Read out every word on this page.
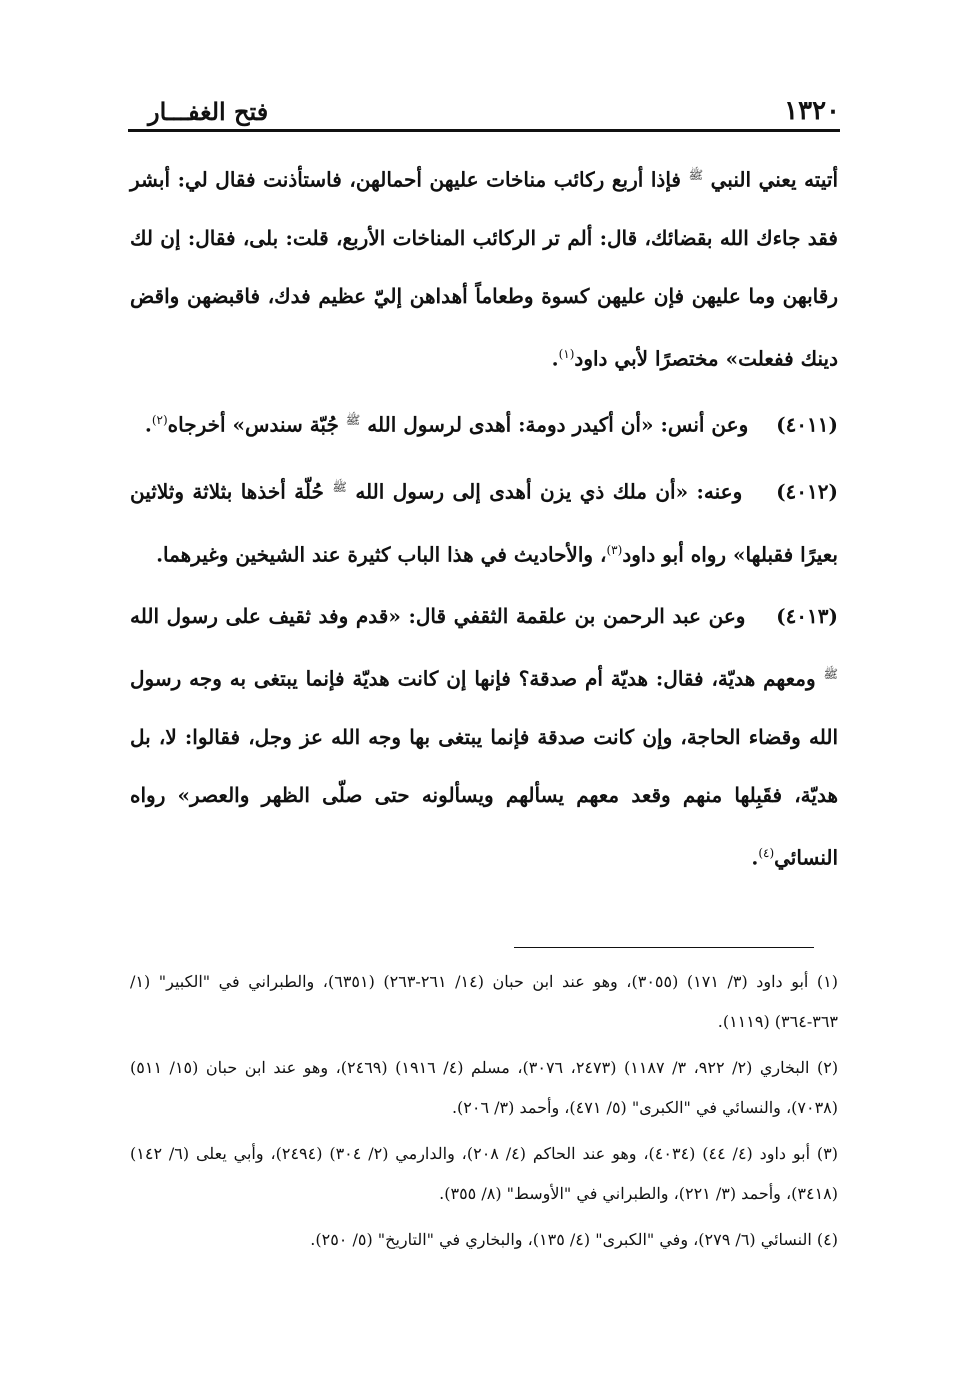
١٣٢٠
فتح الغفـــار

أتيته يعني النبي $^ﷺ$ فإذا أربع ركائب مناخات عليهن أحمالهن، فاستأذنت فقال لي: أبشر فقد جاءك الله بقضائك، قال: ألم تر الركائب المناخات الأربع، قلت: بلى، فقال: إن لك رقابهن وما عليهن فإن عليهن كسوة وطعاماً أهداهن إليّ عظيم فدك، فاقبضهن واقض دينك ففعلت» مختصرًا لأبي داود$^{(١)}$.

(٤٠١١)    وعن أنس: «أن أكيدر دومة: أهدى لرسول الله $^ﷺ$ جُبّة سندس» أخرجاه$^{(٢)}$.

(٤٠١٢)    وعنه: «أن ملك ذي يزن أهدى إلى رسول الله $^ﷺ$ حُلّة أخذها بثلاثة وثلاثين بعيرًا فقبلها» رواه أبو داود$^{(٣)}$، والأحاديث في هذا الباب كثيرة عند الشيخين وغيرهما.

(٤٠١٣)    وعن عبد الرحمن بن علقمة الثقفي قال: «قدم وفد ثقيف على رسول الله $^ﷺ$ ومعهم هديّة، فقال: هديّة أم صدقة؟ فإنها إن كانت هديّة فإنما يبتغى به وجه رسول الله وقضاء الحاجة، وإن كانت صدقة فإنما يبتغى بها وجه الله عز وجل، فقالوا: لا، بل هديّة، فقَبِلها منهم وقعد معهم يسألهم ويسألونه حتى صلّى الظهر والعصر» رواه النسائي$^{(٤)}$.

(١) أبو داود (٣/ ١٧١) (٣٠٥٥)، وهو عند ابن حبان (١٤/ ٢٦١-٢٦٣) (٦٣٥١)، والطبراني في "الكبير" (١/ ٣٦٣-٣٦٤) (١١١٩).

(٢) البخاري (٢/ ٩٢٢، ٣/ ١١٨٧) (٢٤٧٣، ٣٠٧٦)، مسلم (٤/ ١٩١٦) (٢٤٦٩)، وهو عند ابن حبان (١٥/ ٥١١) (٧٠٣٨)، والنسائي في "الكبرى" (٥/ ٤٧١)، وأحمد (٣/ ٢٠٦).

(٣) أبو داود (٤/ ٤٤) (٤٠٣٤)، وهو عند الحاكم (٤/ ٢٠٨)، والدارمي (٢/ ٣٠٤) (٢٤٩٤)، وأبي يعلى (٦/ ١٤٢) (٣٤١٨)، وأحمد (٣/ ٢٢١)، والطبراني في "الأوسط" (٨/ ٣٥٥).

(٤) النسائي (٦/ ٢٧٩)، وفي "الكبرى" (٤/ ١٣٥)، والبخاري في "التاريخ" (٥/ ٢٥٠).
